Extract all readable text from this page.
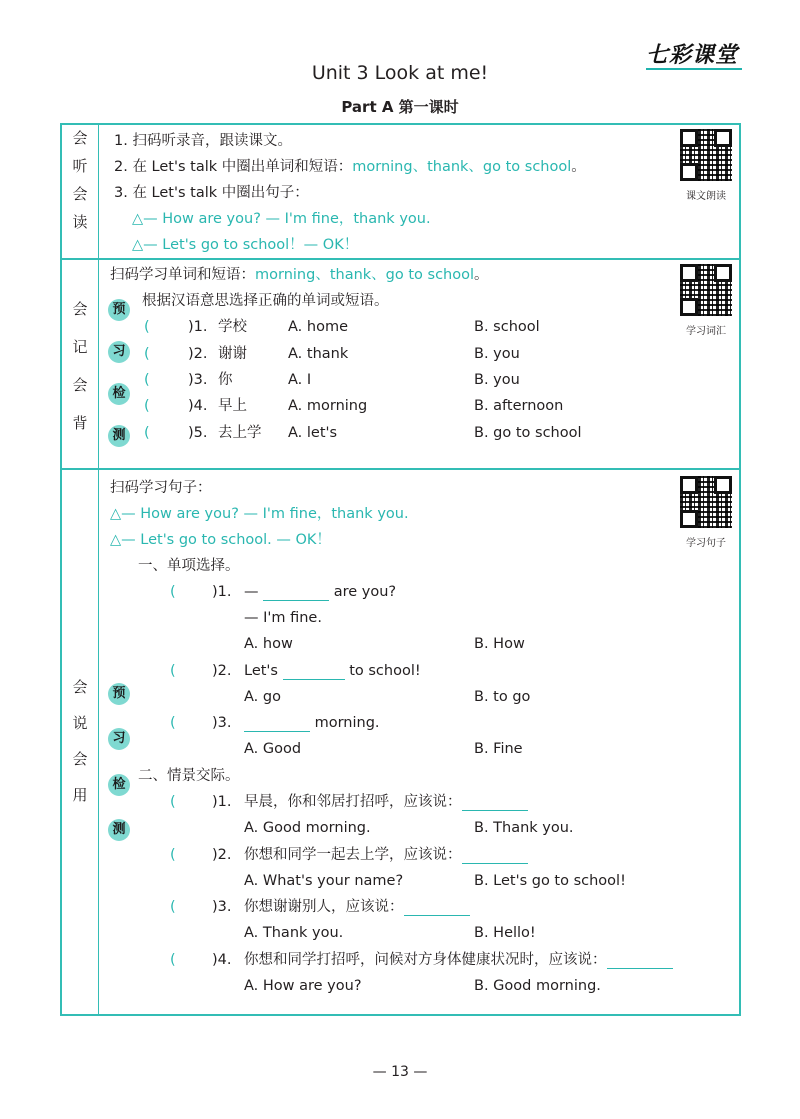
七彩课堂
Unit 3 Look at me!
Part A 第一课时
会
听
会
读
1. 扫码听录音，跟读课文。
2. 在 Let's talk 中圈出单词和短语：morning、thank、go to school。
3. 在 Let's talk 中圈出句子：
△— How are you? — I'm fine，thank you.
△— Let's go to school！— OK！
课文朗读
会
记
会
背
扫码学习单词和短语：morning、thank、go to school。
预
习
检
测
根据汉语意思选择正确的单词或短语。
(	)1. 学校	A. home	B. school
(	)2. 谢谢	A. thank	B. you
(	)3. 你	A. I	B. you
(	)4. 早上	A. morning	B. afternoon
(	)5. 去上学 A. let's	B. go to school
学习词汇
会
说
会
用
预
习
检
测
扫码学习句子：
△— How are you? — I'm fine，thank you.
△— Let's go to school. — OK！
一、单项选择。
(	)1. —	are you?
— I'm fine.
A. how	B. How
(	)2. Let's	to school!
A. go	B. to go
(	)3.	morning.
A. Good	B. Fine
二、情景交际。
(	)1. 早晨，你和邻居打招呼，应该说：
A. Good morning.	B. Thank you.
(	)2. 你想和同学一起去上学，应该说：
A. What's your name?	B. Let's go to school!
(	)3. 你想谢谢别人，应该说：
A. Thank you.	B. Hello!
(	)4. 你想和同学打招呼，问候对方身体健康状况时，应该说：
A. How are you?	B. Good morning.
学习句子
— 13 —
